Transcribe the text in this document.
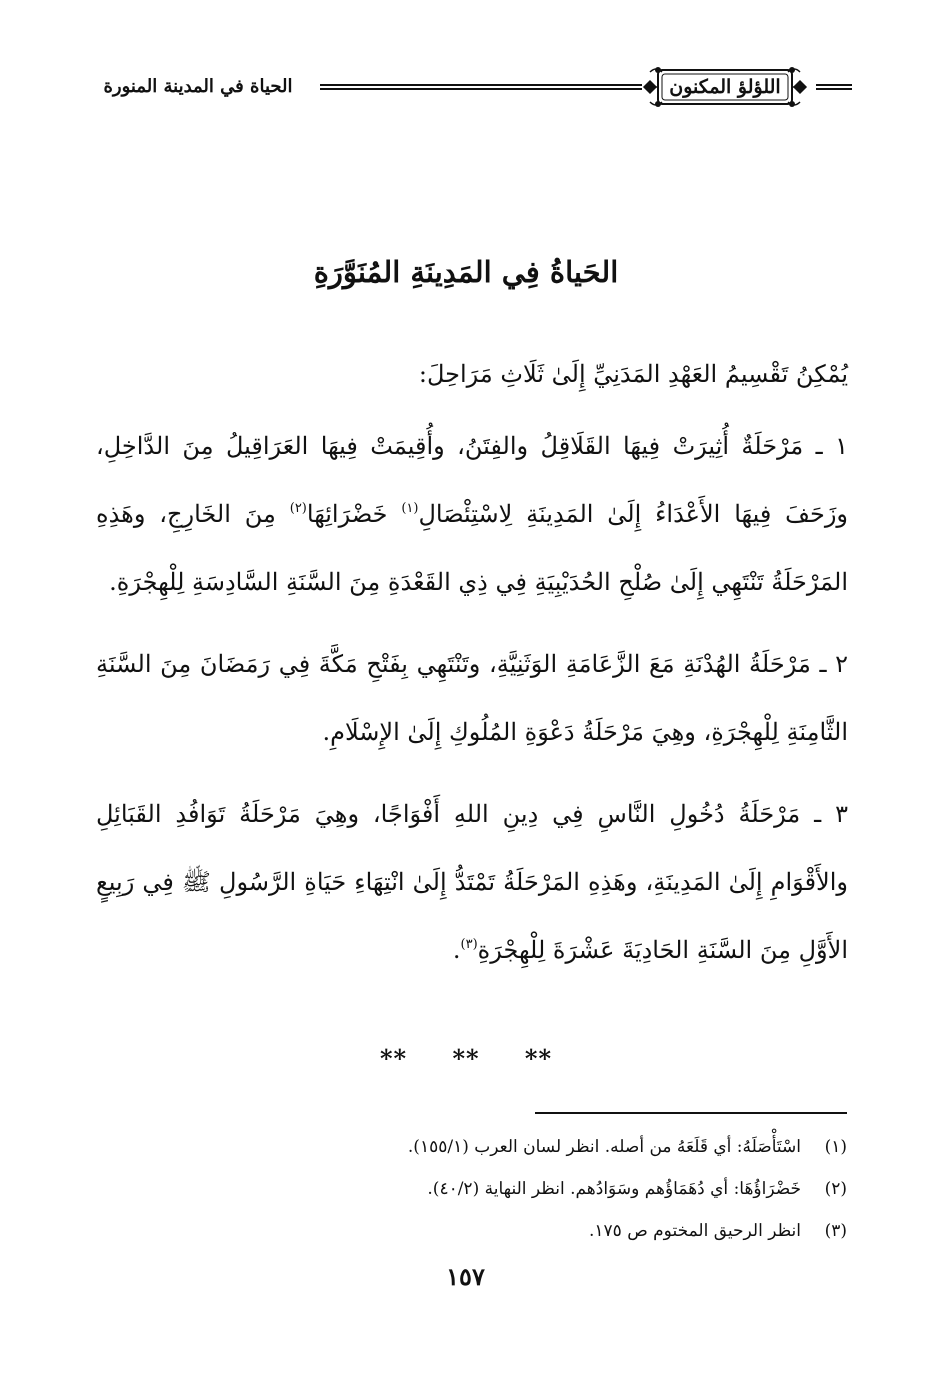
اللؤلؤ المكنون
الحياة في المدينة المنورة
الحَياةُ فِي المَدِينَةِ المُنَوَّرَةِ

يُمْكِنُ تَقْسِيمُ العَهْدِ المَدَنِيِّ إِلَىٰ ثَلَاثِ مَرَاحِلَ:

١ ـ مَرْحَلَةٌ أُثِيرَتْ فِيهَا القَلَاقِلُ والفِتَنُ، وأُقِيمَتْ فِيهَا العَرَاقِيلُ مِنَ الدَّاخِلِ، وزَحَفَ فِيهَا الأَعْدَاءُ إِلَىٰ المَدِينَةِ لِاسْتِئْصَالِ$^{(١)}$ خَضْرَائِهَا$^{(٢)}$ مِنَ الخَارِجِ، وهَذِهِ المَرْحَلَةُ تَنْتَهِي إِلَىٰ صُلْحِ الحُدَيْبِيَةِ فِي ذِي القَعْدَةِ مِنَ السَّنَةِ السَّادِسَةِ لِلْهِجْرَةِ.

٢ ـ مَرْحَلَةُ الهُدْنَةِ مَعَ الزَّعَامَةِ الوَثَنِيَّةِ، وتَنْتَهِي بِفَتْحِ مَكَّةَ فِي رَمَضَانَ مِنَ السَّنَةِ الثَّامِنَةِ لِلْهِجْرَةِ، وهِيَ مَرْحَلَةُ دَعْوَةِ المُلُوكِ إِلَىٰ الإِسْلَامِ.

٣ ـ مَرْحَلَةُ دُخُولِ النَّاسِ فِي دِينِ اللهِ أَفْوَاجًا، وهِيَ مَرْحَلَةُ تَوَافُدِ القَبَائِلِ والأَقْوَامِ إِلَىٰ المَدِينَةِ، وهَذِهِ المَرْحَلَةُ تَمْتَدُّ إِلَىٰ انْتِهَاءِ حَيَاةِ الرَّسُولِ ﷺ فِي رَبِيعٍ الأَوَّلِ مِنَ السَّنَةِ الحَادِيَةَ عَشْرَةَ لِلْهِجْرَةِ$^{(٣)}$.

** ** **
(١)
اسْتَأْصَلَهُ: أي قَلَعَهُ من أصله. انظر لسان العرب (١٥٥/١).
(٢)
خَضْرَاؤُهَا: أي دُهَمَاؤُهم وسَوَادُهم. انظر النهاية (٤٠/٢).
(٣)
انظر الرحيق المختوم ص ١٧٥.
١٥٧
